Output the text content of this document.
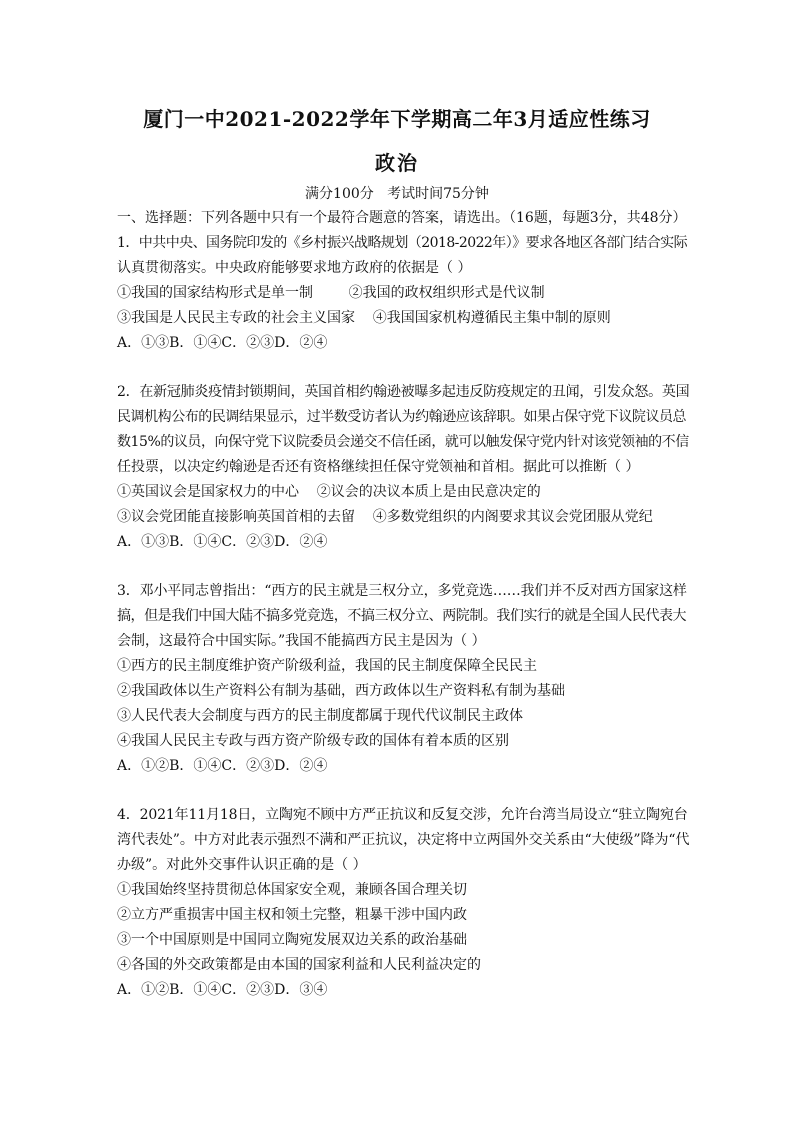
厦门一中2021-2022学年下学期高二年3月适应性练习
政治
满分100分   考试时间75分钟
一、选择题：下列各题中只有一个最符合题意的答案，请选出。（16题，每题3分，共48分）
1．中共中央、国务院印发的《乡村振兴战略规划（2018-2022年）》要求各地区各部门结合实际
认真贯彻落实。中央政府能够要求地方政府的依据是（ ）
①我国的国家结构形式是单一制        ②我国的政权组织形式是代议制
③我国是人民民主专政的社会主义国家    ④我国国家机构遵循民主集中制的原则
A．①③B．①④C．②③D．②④
2．在新冠肺炎疫情封锁期间，英国首相约翰逊被曝多起违反防疫规定的丑闻，引发众怒。英国
民调机构公布的民调结果显示，过半数受访者认为约翰逊应该辞职。如果占保守党下议院议员总
数15%的议员，向保守党下议院委员会递交不信任函，就可以触发保守党内针对该党领袖的不信
任投票，以决定约翰逊是否还有资格继续担任保守党领袖和首相。据此可以推断（ ）
①英国议会是国家权力的中心    ②议会的决议本质上是由民意决定的
③议会党团能直接影响英国首相的去留    ④多数党组织的内阁要求其议会党团服从党纪
A．①③B．①④C．②③D．②④
3．邓小平同志曾指出：“西方的民主就是三权分立，多党竞选……我们并不反对西方国家这样
搞，但是我们中国大陆不搞多党竞选，不搞三权分立、两院制。我们实行的就是全国人民代表大
会制，这最符合中国实际。”我国不能搞西方民主是因为（ ）
①西方的民主制度维护资产阶级利益，我国的民主制度保障全民民主
②我国政体以生产资料公有制为基础，西方政体以生产资料私有制为基础
③人民代表大会制度与西方的民主制度都属于现代代议制民主政体
④我国人民民主专政与西方资产阶级专政的国体有着本质的区别
A．①②B．①④C．②③D．②④
4．2021年11月18日，立陶宛不顾中方严正抗议和反复交涉，允许台湾当局设立“驻立陶宛台
湾代表处”。中方对此表示强烈不满和严正抗议，决定将中立两国外交关系由“大使级”降为“代
办级”。对此外交事件认识正确的是（ ）
①我国始终坚持贯彻总体国家安全观，兼顾各国合理关切
②立方严重损害中国主权和领土完整，粗暴干涉中国内政
③一个中国原则是中国同立陶宛发展双边关系的政治基础
④各国的外交政策都是由本国的国家利益和人民利益决定的
A．①②B．①④C．②③D．③④
